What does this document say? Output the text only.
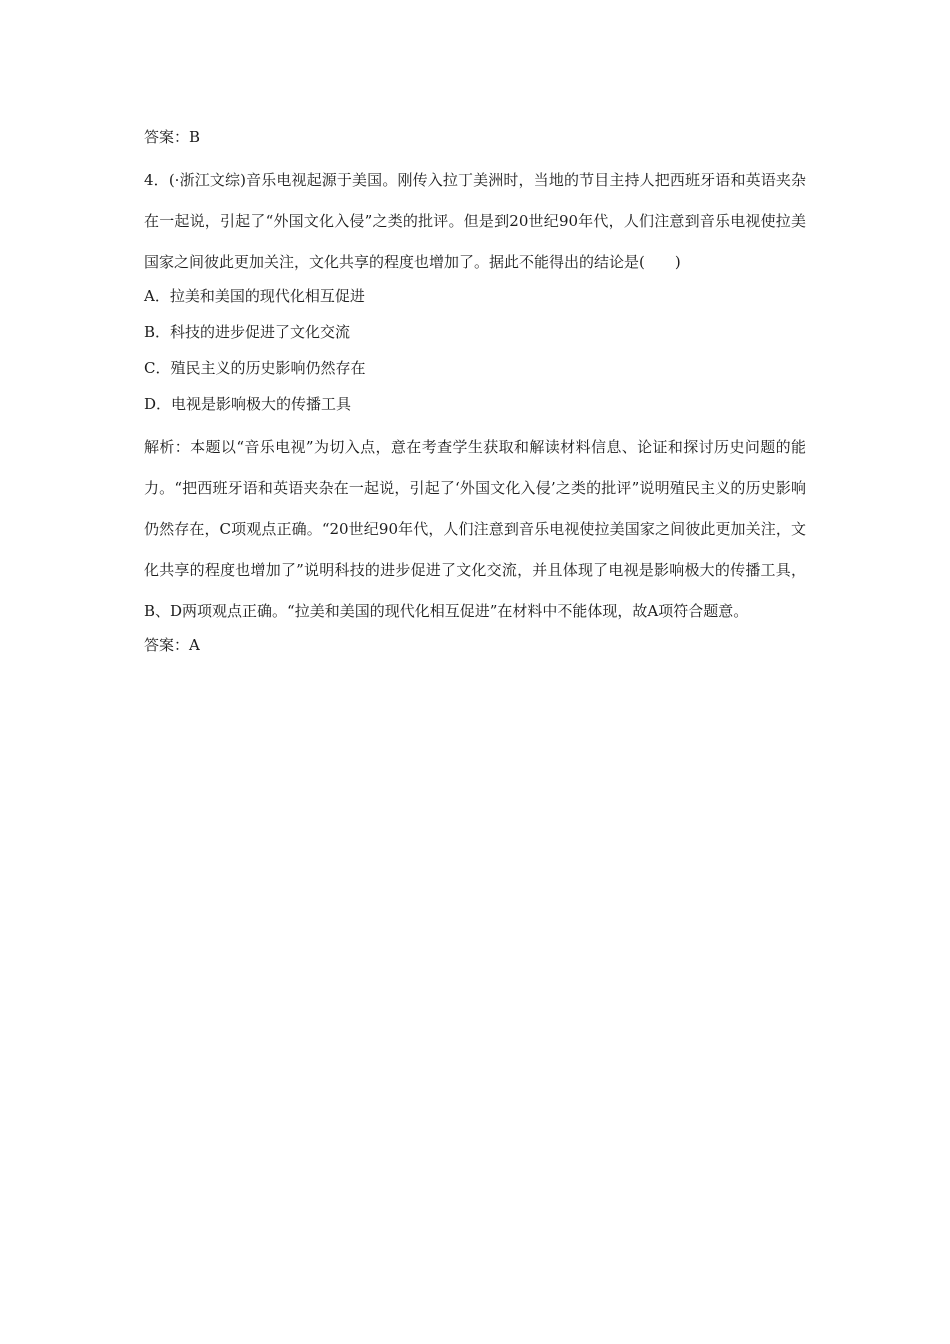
答案：B

4．(·浙江文综)音乐电视起源于美国。刚传入拉丁美洲时，当地的节目主持人把西班牙语和英语夹杂在一起说，引起了“外国文化入侵”之类的批评。但是到20世纪90年代，人们注意到音乐电视使拉美国家之间彼此更加关注，文化共享的程度也增加了。据此不能得出的结论是(　　)

A．拉美和美国的现代化相互促进
B．科技的进步促进了文化交流
C．殖民主义的历史影响仍然存在
D．电视是影响极大的传播工具

解析：本题以“音乐电视”为切入点，意在考查学生获取和解读材料信息、论证和探讨历史问题的能力。“把西班牙语和英语夹杂在一起说，引起了‘外国文化入侵’之类的批评”说明殖民主义的历史影响仍然存在，C项观点正确。“20世纪90年代，人们注意到音乐电视使拉美国家之间彼此更加关注，文化共享的程度也增加了”说明科技的进步促进了文化交流，并且体现了电视是影响极大的传播工具，B、D两项观点正确。“拉美和美国的现代化相互促进”在材料中不能体现，故A项符合题意。

答案：A
